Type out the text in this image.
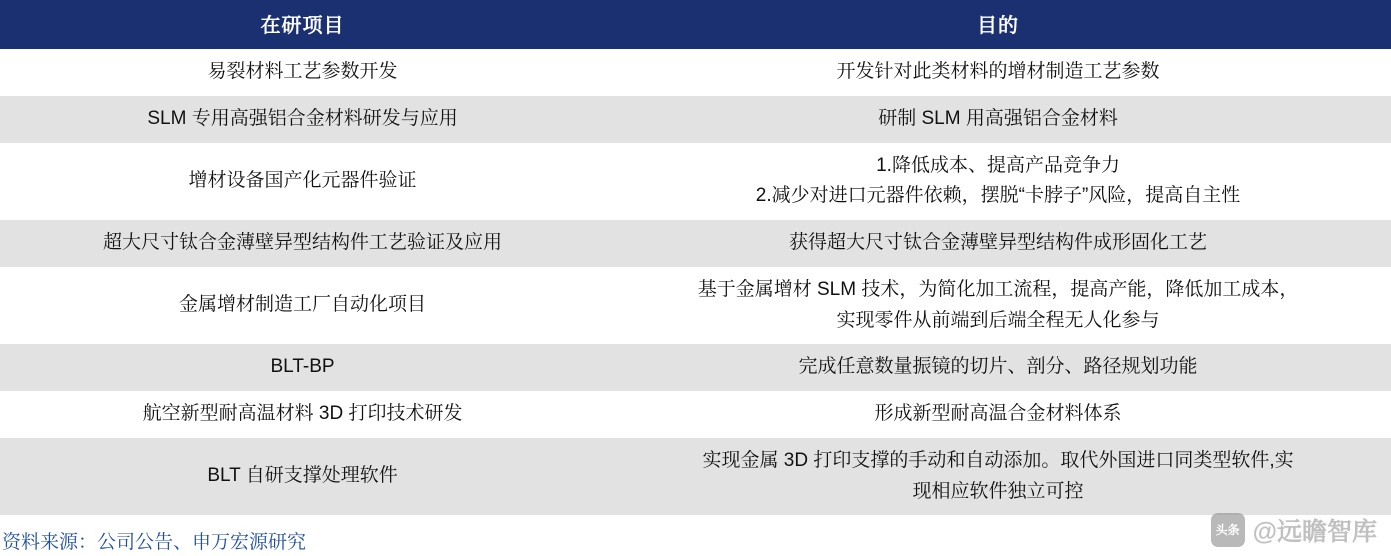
在研项目	目的

易裂材料工艺参数开发	开发针对此类材料的增材制造工艺参数

SLM 专用高强铝合金材料研发与应用	研制 SLM 用高强铝合金材料

增材设备国产化元器件验证	1.降低成本、提高产品竞争力
2.减少对进口元器件依赖，摆脱“卡脖子”风险，提高自主性

超大尺寸钛合金薄壁异型结构件工艺验证及应用	获得超大尺寸钛合金薄壁异型结构件成形固化工艺

金属增材制造工厂自动化项目	基于金属增材 SLM 技术，为简化加工流程，提高产能，降低加工成本，
实现零件从前端到后端全程无人化参与

BLT-BP	完成任意数量振镜的切片、剖分、路径规划功能

航空新型耐高温材料 3D 打印技术研发	形成新型耐高温合金材料体系

BLT 自研支撑处理软件	实现金属 3D 打印支撑的手动和自动添加。取代外国进口同类型软件,实
现相应软件独立可控
资料来源：公司公告、申万宏源研究
头条 @远瞻智库
